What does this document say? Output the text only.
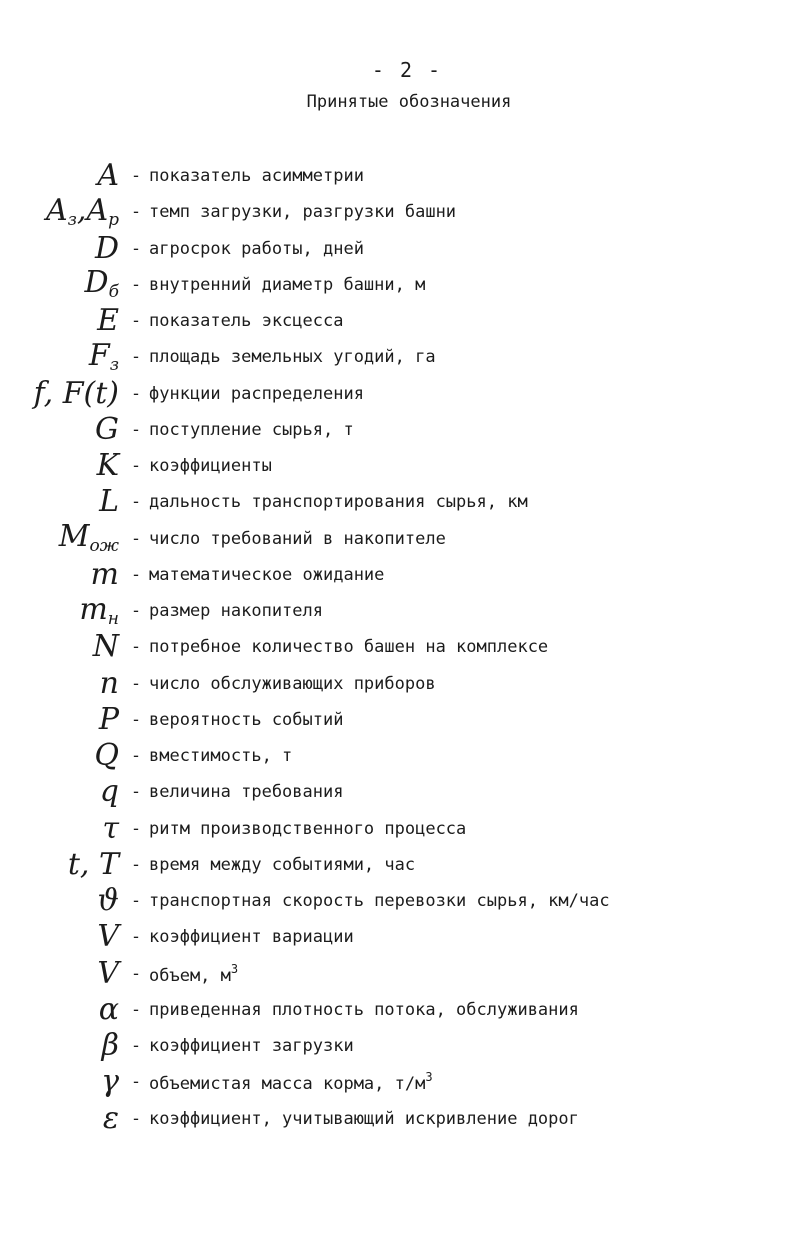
- 2 -
Принятые обозначения
A - показатель асимметрии
$A_з,A_р$ - темп загрузки, разгрузки башни
D - агросрок работы, дней
$D_б$ - внутренний диаметр башни, м
E - показатель эксцесса
$F_з$ - площадь земельных угодий, га
f, F(t) - функции распределения
G - поступление сырья, т
K - коэффициенты
L - дальность транспортирования сырья, км
$M_{ож}$ - число требований в накопителе
m - математическое ожидание
$m_н$ - размер накопителя
N - потребное количество башен на комплексе
n - число обслуживающих приборов
P - вероятность событий
Q - вместимость, т
q - величина требования
τ - ритм производственного процесса
t, T - время между событиями, час
ϑ - транспортная скорость перевозки сырья, км/час
V - коэффициент вариации
V - объем, $м^3$
α - приведенная плотность потока, обслуживания
β - коэффициент загрузки
γ - объемистая масса корма, $т/м^3$
ε - коэффициент, учитывающий искривление дорог
